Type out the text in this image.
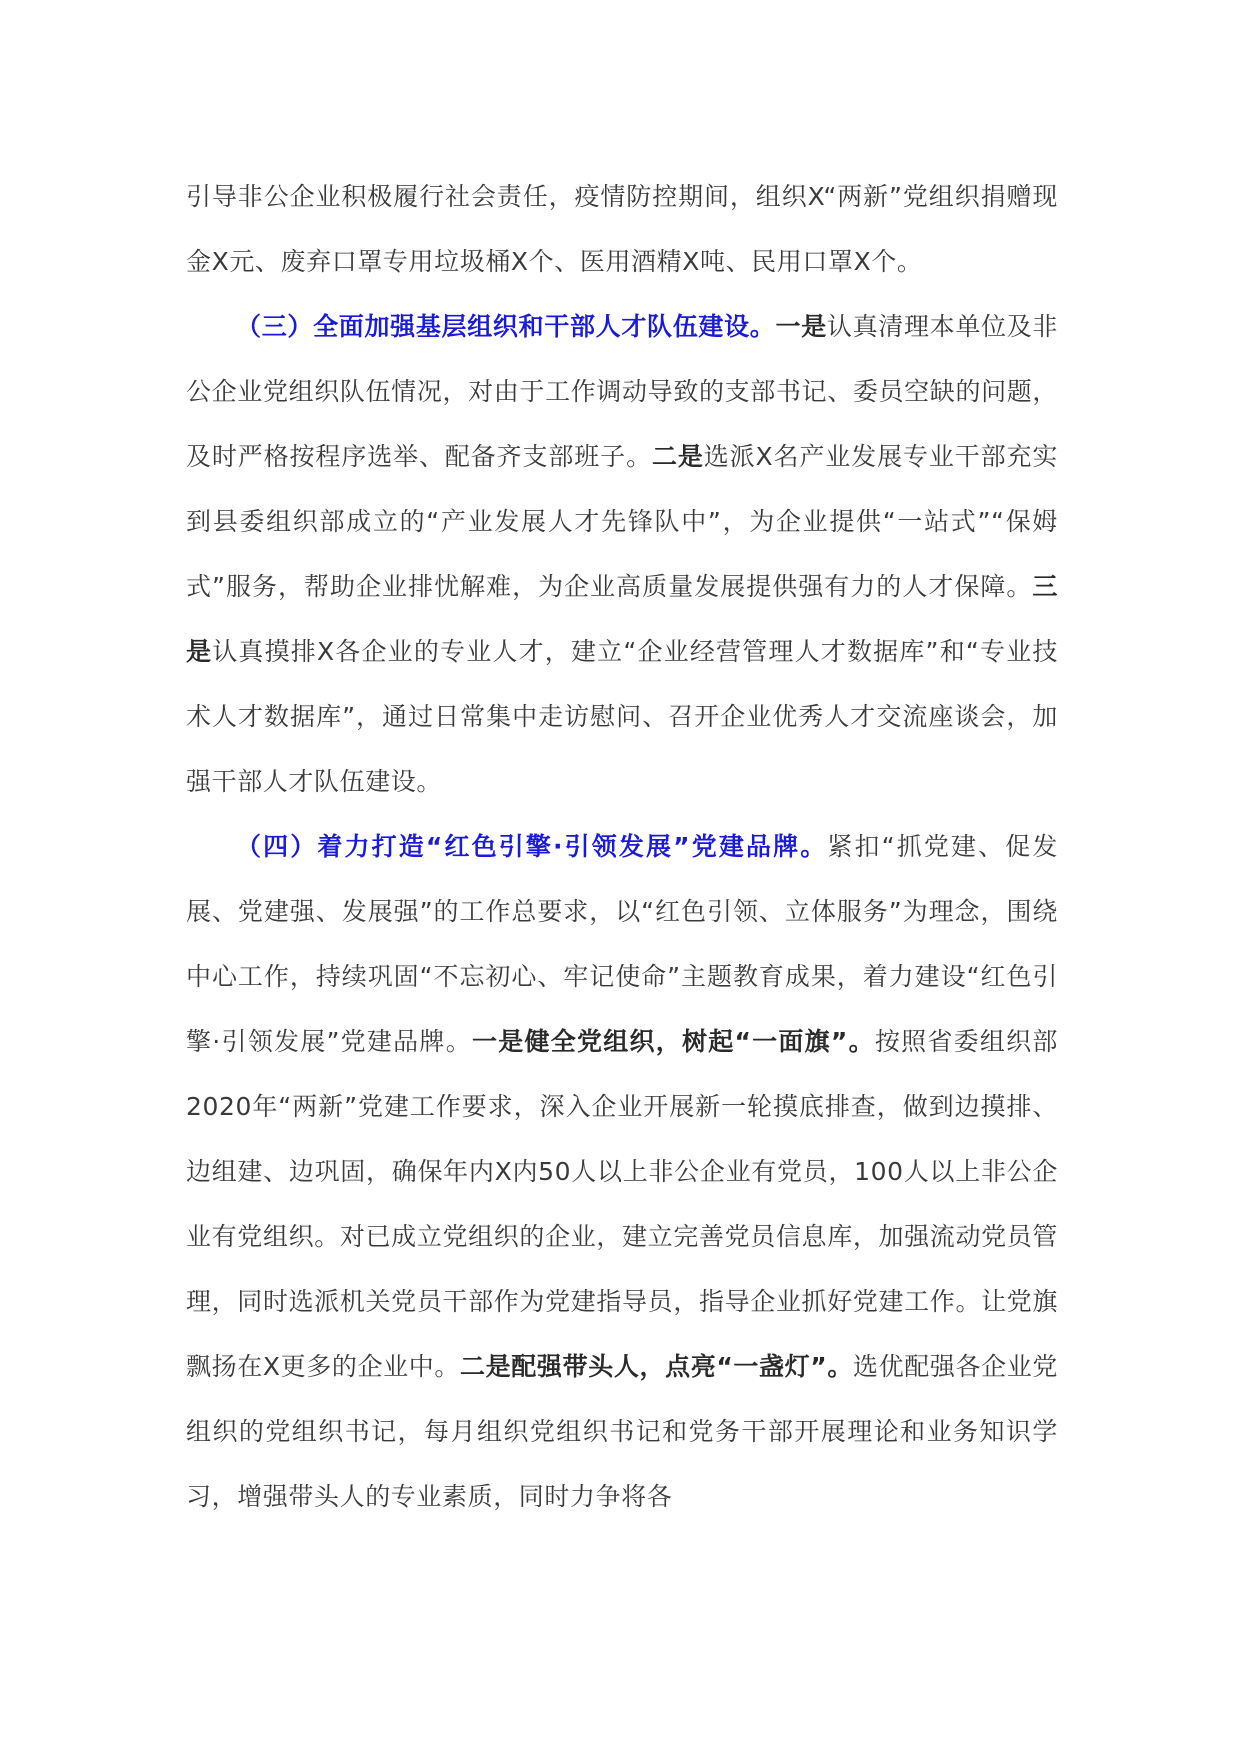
引导非公企业积极履行社会责任，疫情防控期间，组织X“两新”党组织捐赠现金X元、废弃口罩专用垃圾桶X个、医用酒精X吨、民用口罩X个。

（三）全面加强基层组织和干部人才队伍建设。一是认真清理本单位及非公企业党组织队伍情况，对由于工作调动导致的支部书记、委员空缺的问题，及时严格按程序选举、配备齐支部班子。二是选派X名产业发展专业干部充实到县委组织部成立的“产业发展人才先锋队中”，为企业提供“一站式”“保姆式”服务，帮助企业排忧解难，为企业高质量发展提供强有力的人才保障。三是认真摸排X各企业的专业人才，建立“企业经营管理人才数据库”和“专业技术人才数据库”，通过日常集中走访慰问、召开企业优秀人才交流座谈会，加强干部人才队伍建设。

（四）着力打造“红色引擎·引领发展”党建品牌。紧扣“抓党建、促发展、党建强、发展强”的工作总要求，以“红色引领、立体服务”为理念，围绕中心工作，持续巩固“不忘初心、牢记使命”主题教育成果，着力建设“红色引擎·引领发展”党建品牌。一是健全党组织，树起“一面旗”。按照省委组织部2020年“两新”党建工作要求，深入企业开展新一轮摸底排查，做到边摸排、边组建、边巩固，确保年内X内50人以上非公企业有党员，100人以上非公企业有党组织。对已成立党组织的企业，建立完善党员信息库，加强流动党员管理，同时选派机关党员干部作为党建指导员，指导企业抓好党建工作。让党旗飘扬在X更多的企业中。二是配强带头人，点亮“一盏灯”。选优配强各企业党组织的党组织书记，每月组织党组织书记和党务干部开展理论和业务知识学习，增强带头人的专业素质，同时力争将各
